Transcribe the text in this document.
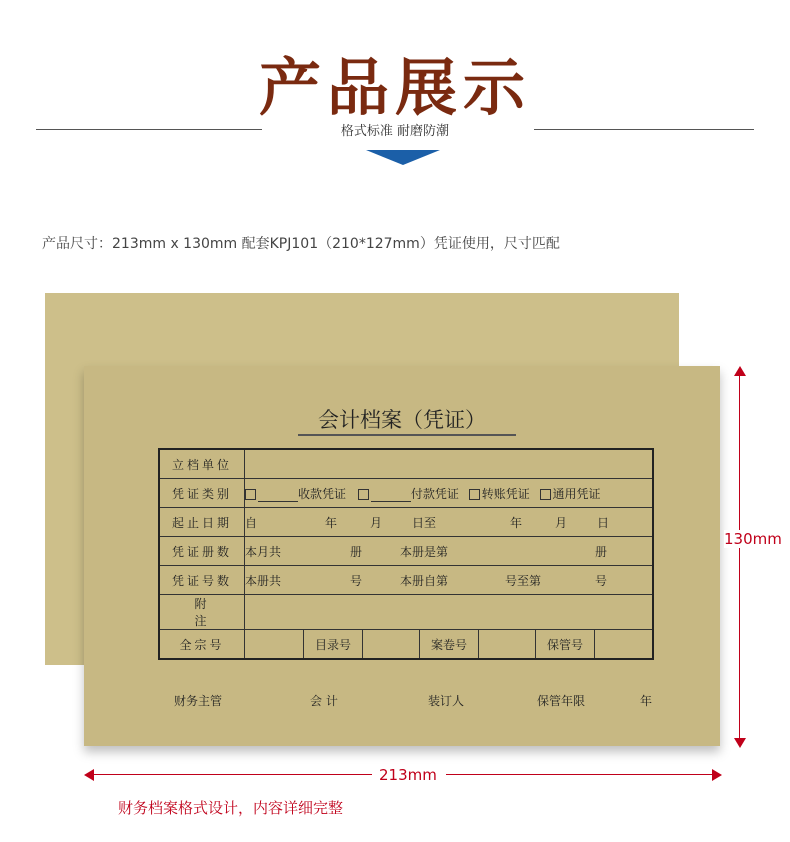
产品展示
格式标准 耐磨防潮
产品尺寸：213mm x 130mm 配套KPJ101（210*127mm）凭证使用，尺寸匹配
会计档案（凭证）
立档单位							
凭证类别	收款凭证 付款凭证 转账凭证 通用凭证						
起止日期	自 年 月 日至 年 月 日						
凭证册数	本月共 册 本册是第 册						
凭证号数	本册共 号 本册自第 号至第 号						

附
注							

全宗号		目录号		案卷号		保管号	
财务主管	会 计	装订人	保管年限	年
130mm
213mm
财务档案格式设计，内容详细完整
